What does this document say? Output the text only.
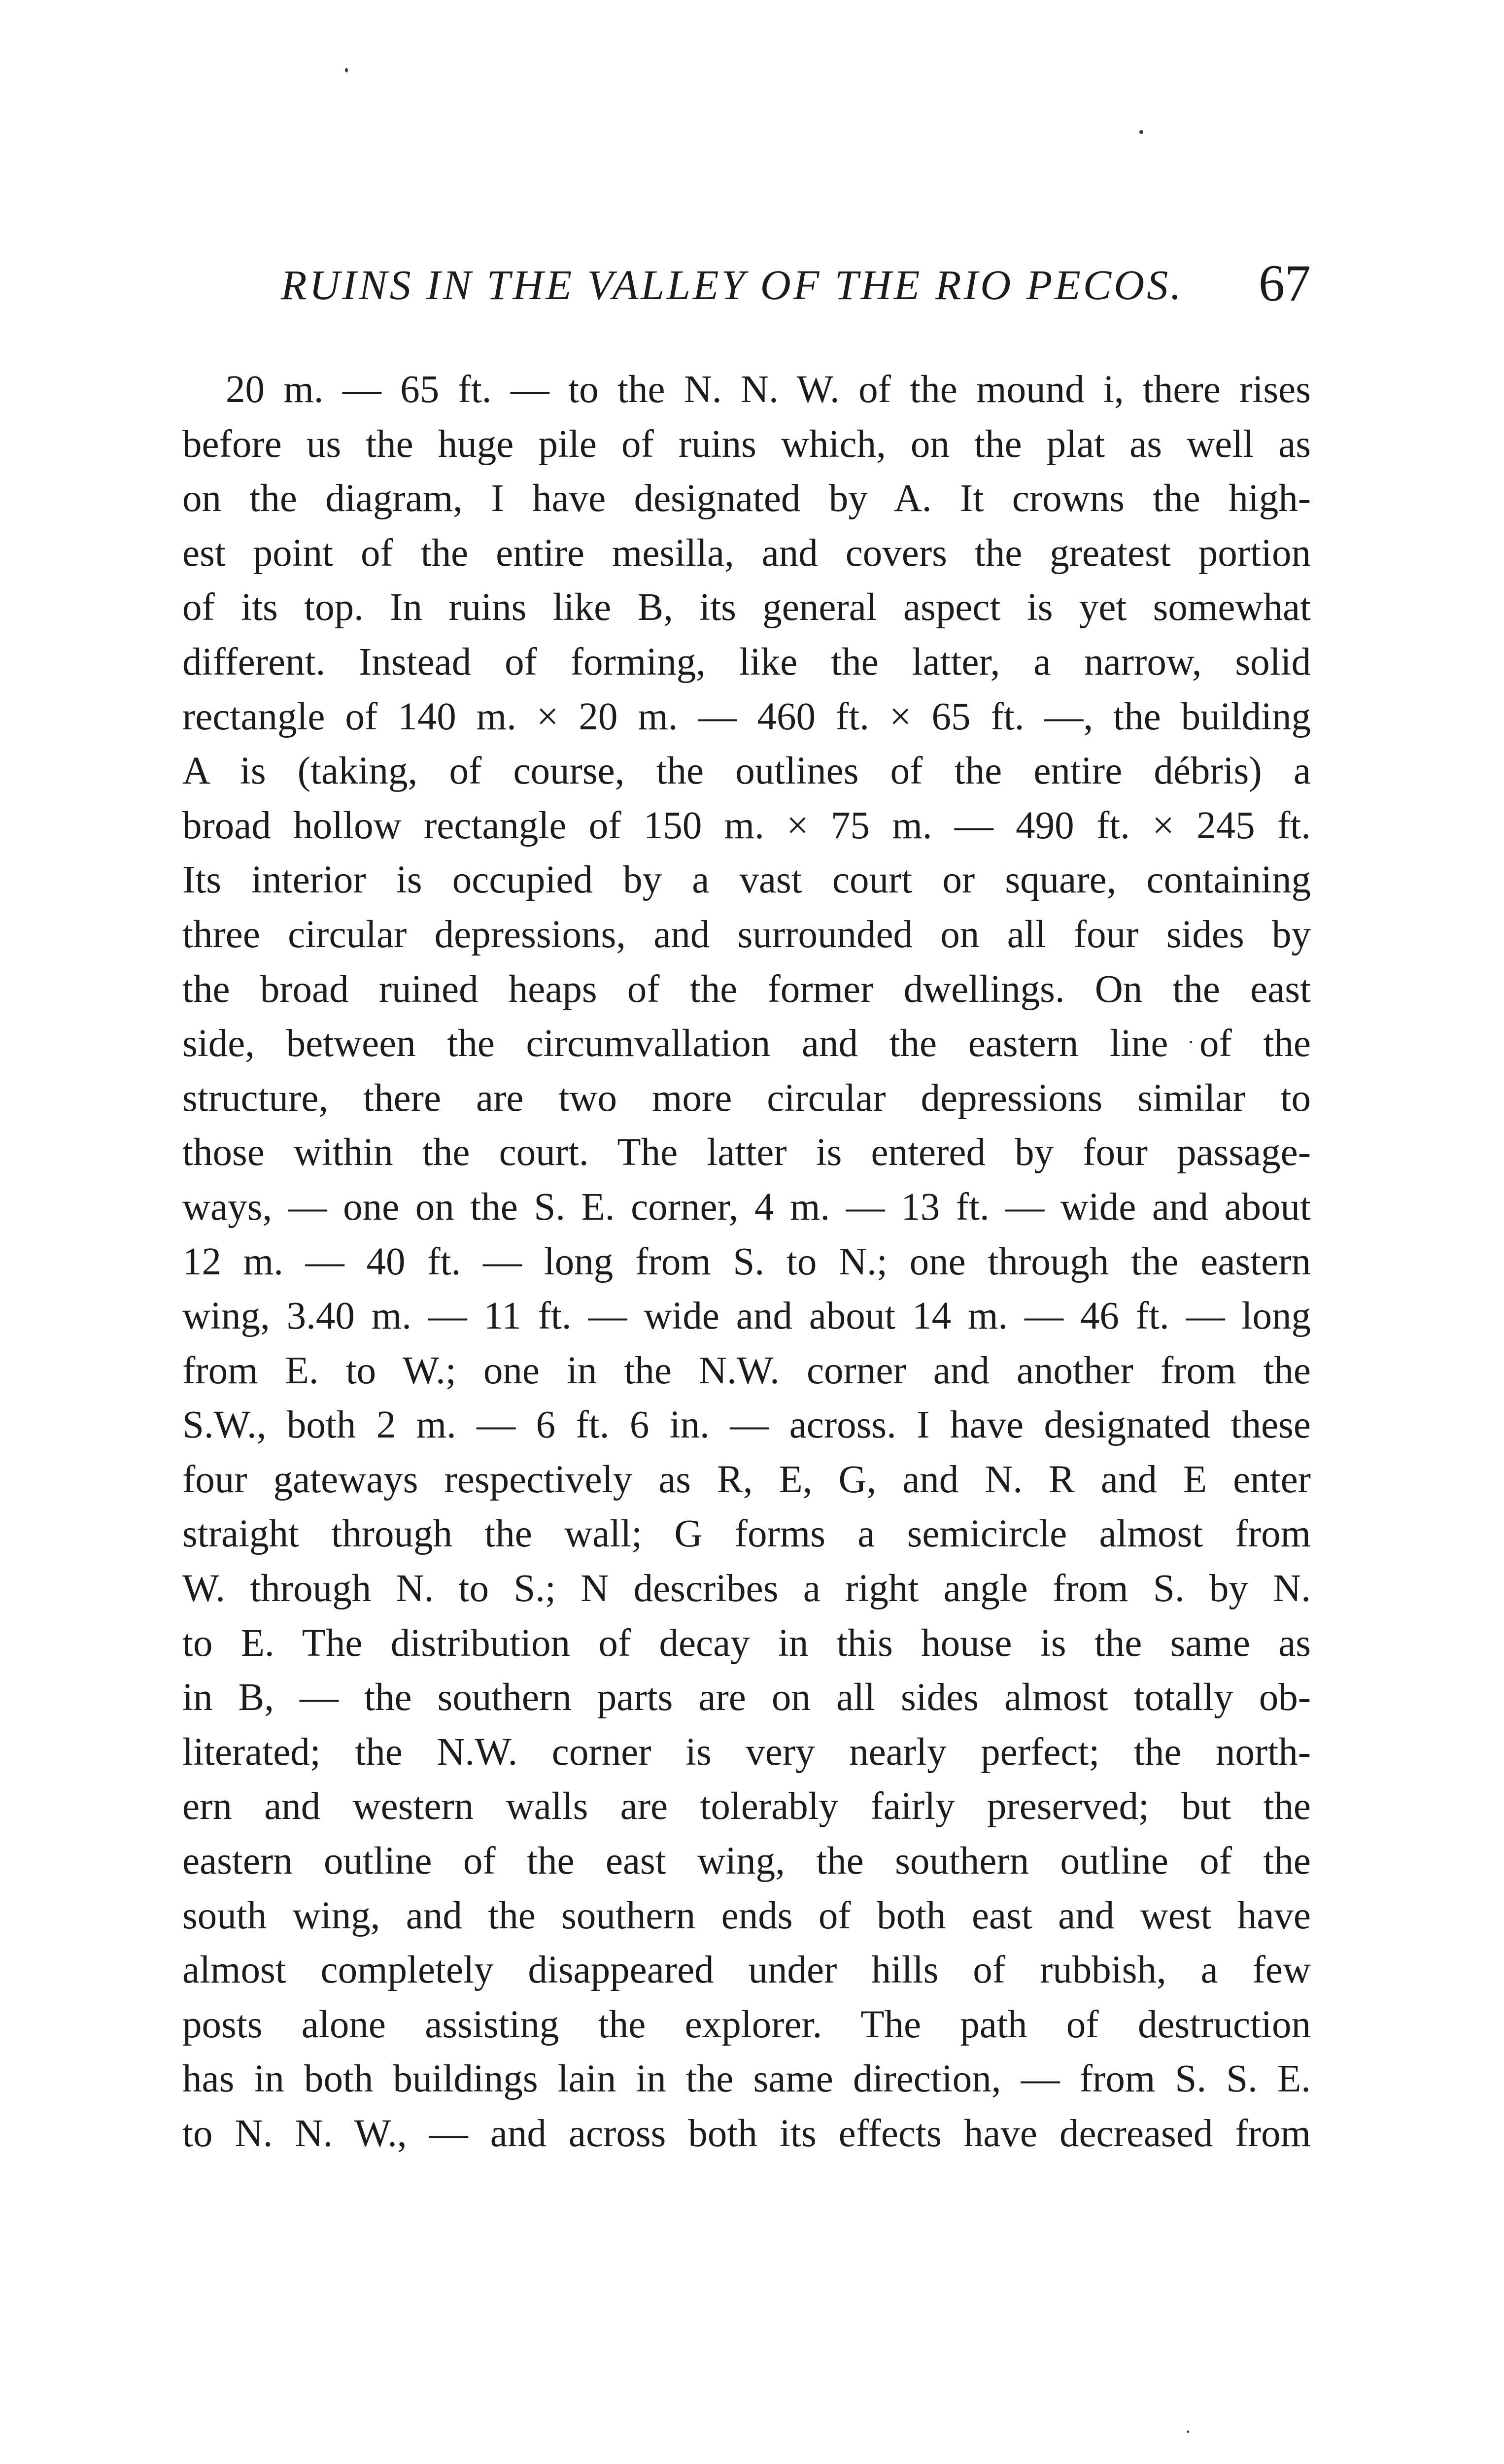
RUINS IN THE VALLEY OF THE RIO PECOS. 67
20 m. — 65 ft. — to the N. N. W. of the mound i, there rises
before us the huge pile of ruins which, on the plat as well as
on the diagram, I have designated by A. It crowns the high-
est point of the entire mesilla, and covers the greatest portion
of its top. In ruins like B, its general aspect is yet somewhat
different. Instead of forming, like the latter, a narrow, solid
rectangle of 140 m. × 20 m. — 460 ft. × 65 ft. —, the building
A is (taking, of course, the outlines of the entire débris) a
broad hollow rectangle of 150 m. × 75 m. — 490 ft. × 245 ft.
Its interior is occupied by a vast court or square, containing
three circular depressions, and surrounded on all four sides by
the broad ruined heaps of the former dwellings. On the east
side, between the circumvallation and the eastern line of the
structure, there are two more circular depressions similar to
those within the court. The latter is entered by four passage-
ways, — one on the S. E. corner, 4 m. — 13 ft. — wide and about
12 m. — 40 ft. — long from S. to N.; one through the eastern
wing, 3.40 m. — 11 ft. — wide and about 14 m. — 46 ft. — long
from E. to W.; one in the N.W. corner and another from the
S.W., both 2 m. — 6 ft. 6 in. — across. I have designated these
four gateways respectively as R, E, G, and N. R and E enter
straight through the wall; G forms a semicircle almost from
W. through N. to S.; N describes a right angle from S. by N.
to E. The distribution of decay in this house is the same as
in B, — the southern parts are on all sides almost totally ob-
literated; the N.W. corner is very nearly perfect; the north-
ern and western walls are tolerably fairly preserved; but the
eastern outline of the east wing, the southern outline of the
south wing, and the southern ends of both east and west have
almost completely disappeared under hills of rubbish, a few
posts alone assisting the explorer. The path of destruction
has in both buildings lain in the same direction, — from S. S. E.
to N. N. W., — and across both its effects have decreased from
